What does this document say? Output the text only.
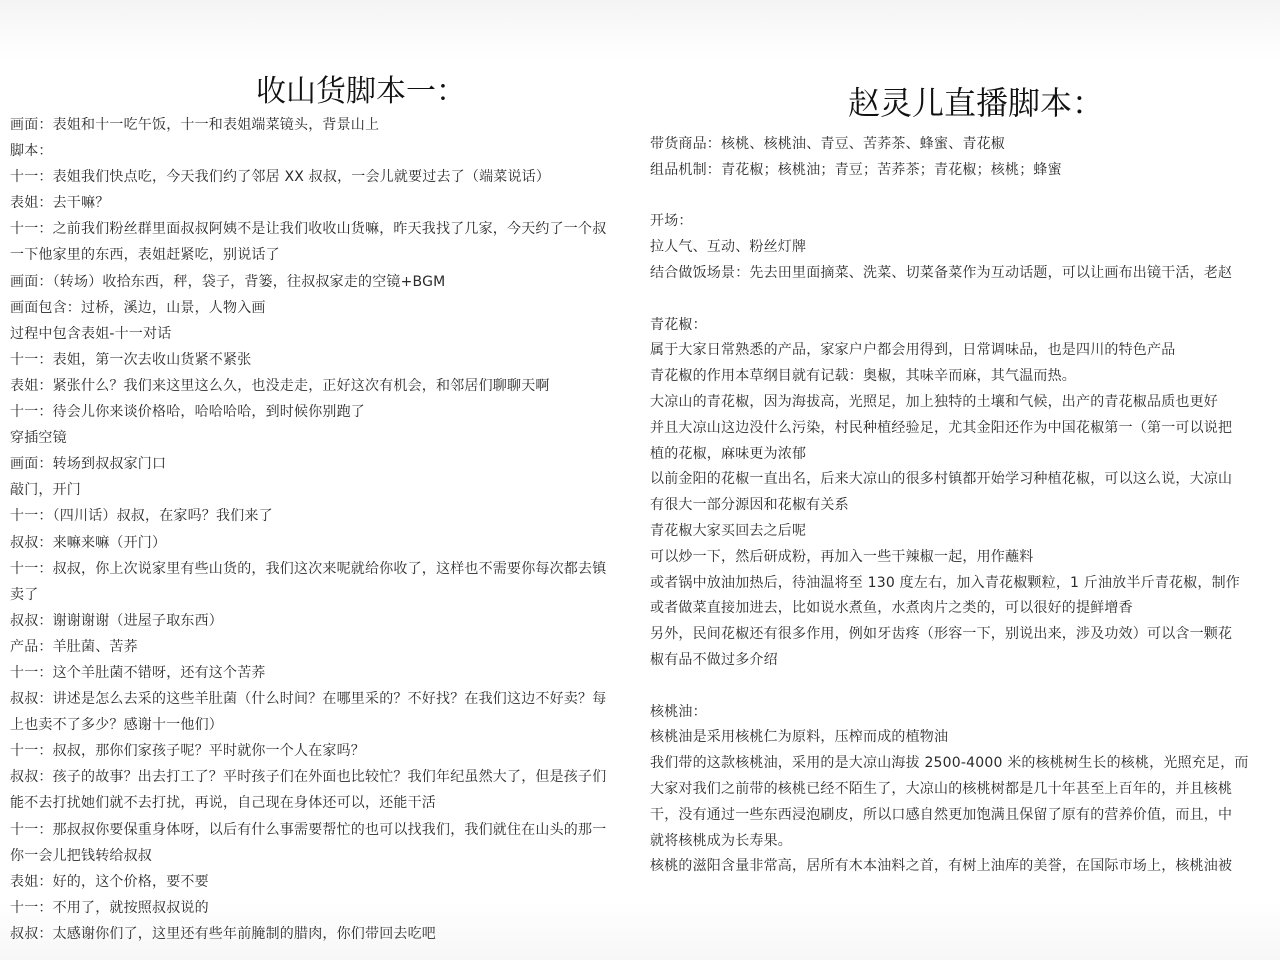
收山货脚本一：
画面：表姐和十一吃午饭，十一和表姐端菜镜头，背景山上
脚本：
十一：表姐我们快点吃，今天我们约了邻居 XX 叔叔，一会儿就要过去了（端菜说话）
表姐：去干嘛？
十一：之前我们粉丝群里面叔叔阿姨不是让我们收收山货嘛，昨天我找了几家，今天约了一个叔
一下他家里的东西，表姐赶紧吃，别说话了
画面：（转场）收拾东西，秤，袋子，背篓，往叔叔家走的空镜+BGM
画面包含：过桥，溪边，山景，人物入画
过程中包含表姐-十一对话
十一：表姐，第一次去收山货紧不紧张
表姐：紧张什么？我们来这里这么久，也没走走，正好这次有机会，和邻居们聊聊天啊
十一：待会儿你来谈价格哈，哈哈哈哈，到时候你别跑了
穿插空镜
画面：转场到叔叔家门口
敲门，开门
十一：（四川话）叔叔，在家吗？我们来了
叔叔：来嘛来嘛（开门）
十一：叔叔，你上次说家里有些山货的，我们这次来呢就给你收了，这样也不需要你每次都去镇
卖了
叔叔：谢谢谢谢（进屋子取东西）
产品：羊肚菌、苦荞
十一：这个羊肚菌不错呀，还有这个苦荞
叔叔：讲述是怎么去采的这些羊肚菌（什么时间？在哪里采的？不好找？在我们这边不好卖？每
上也卖不了多少？感谢十一他们）
十一：叔叔，那你们家孩子呢？平时就你一个人在家吗？
叔叔：孩子的故事？出去打工了？平时孩子们在外面也比较忙？我们年纪虽然大了，但是孩子们
能不去打扰她们就不去打扰，再说，自己现在身体还可以，还能干活
十一：那叔叔你要保重身体呀，以后有什么事需要帮忙的也可以找我们，我们就住在山头的那一
你一会儿把钱转给叔叔
表姐：好的，这个价格，要不要
十一：不用了，就按照叔叔说的
叔叔：太感谢你们了，这里还有些年前腌制的腊肉，你们带回去吃吧
赵灵儿直播脚本：
带货商品：核桃、核桃油、青豆、苦荞茶、蜂蜜、青花椒
组品机制：青花椒；核桃油；青豆；苦荞茶；青花椒；核桃；蜂蜜
开场：
拉人气、互动、粉丝灯牌
结合做饭场景：先去田里面摘菜、洗菜、切菜备菜作为互动话题，可以让画布出镜干活，老赵
青花椒：
属于大家日常熟悉的产品，家家户户都会用得到，日常调味品，也是四川的特色产品
青花椒的作用本草纲目就有记载：奥椒，其味辛而麻，其气温而热。
大凉山的青花椒，因为海拔高，光照足，加上独特的土壤和气候，出产的青花椒品质也更好
并且大凉山这边没什么污染，村民种植经验足，尤其金阳还作为中国花椒第一（第一可以说把
植的花椒，麻味更为浓郁
以前金阳的花椒一直出名，后来大凉山的很多村镇都开始学习种植花椒，可以这么说，大凉山
有很大一部分源因和花椒有关系
青花椒大家买回去之后呢
可以炒一下，然后研成粉，再加入一些干辣椒一起，用作蘸料
或者锅中放油加热后，待油温将至 130 度左右，加入青花椒颗粒，1 斤油放半斤青花椒，制作
或者做菜直接加进去，比如说水煮鱼，水煮肉片之类的，可以很好的提鲜增香
另外，民间花椒还有很多作用，例如牙齿疼（形容一下，别说出来，涉及功效）可以含一颗花
椒有品不做过多介绍
核桃油：
核桃油是采用核桃仁为原料，压榨而成的植物油
我们带的这款核桃油，采用的是大凉山海拔 2500-4000 米的核桃树生长的核桃，光照充足，而
大家对我们之前带的核桃已经不陌生了，大凉山的核桃树都是几十年甚至上百年的，并且核桃
干，没有通过一些东西浸泡刷皮，所以口感自然更加饱满且保留了原有的营养价值，而且，中
就将核桃成为长寿果。
核桃的滋阳含量非常高，居所有木本油料之首，有树上油库的美誉，在国际市场上，核桃油被
